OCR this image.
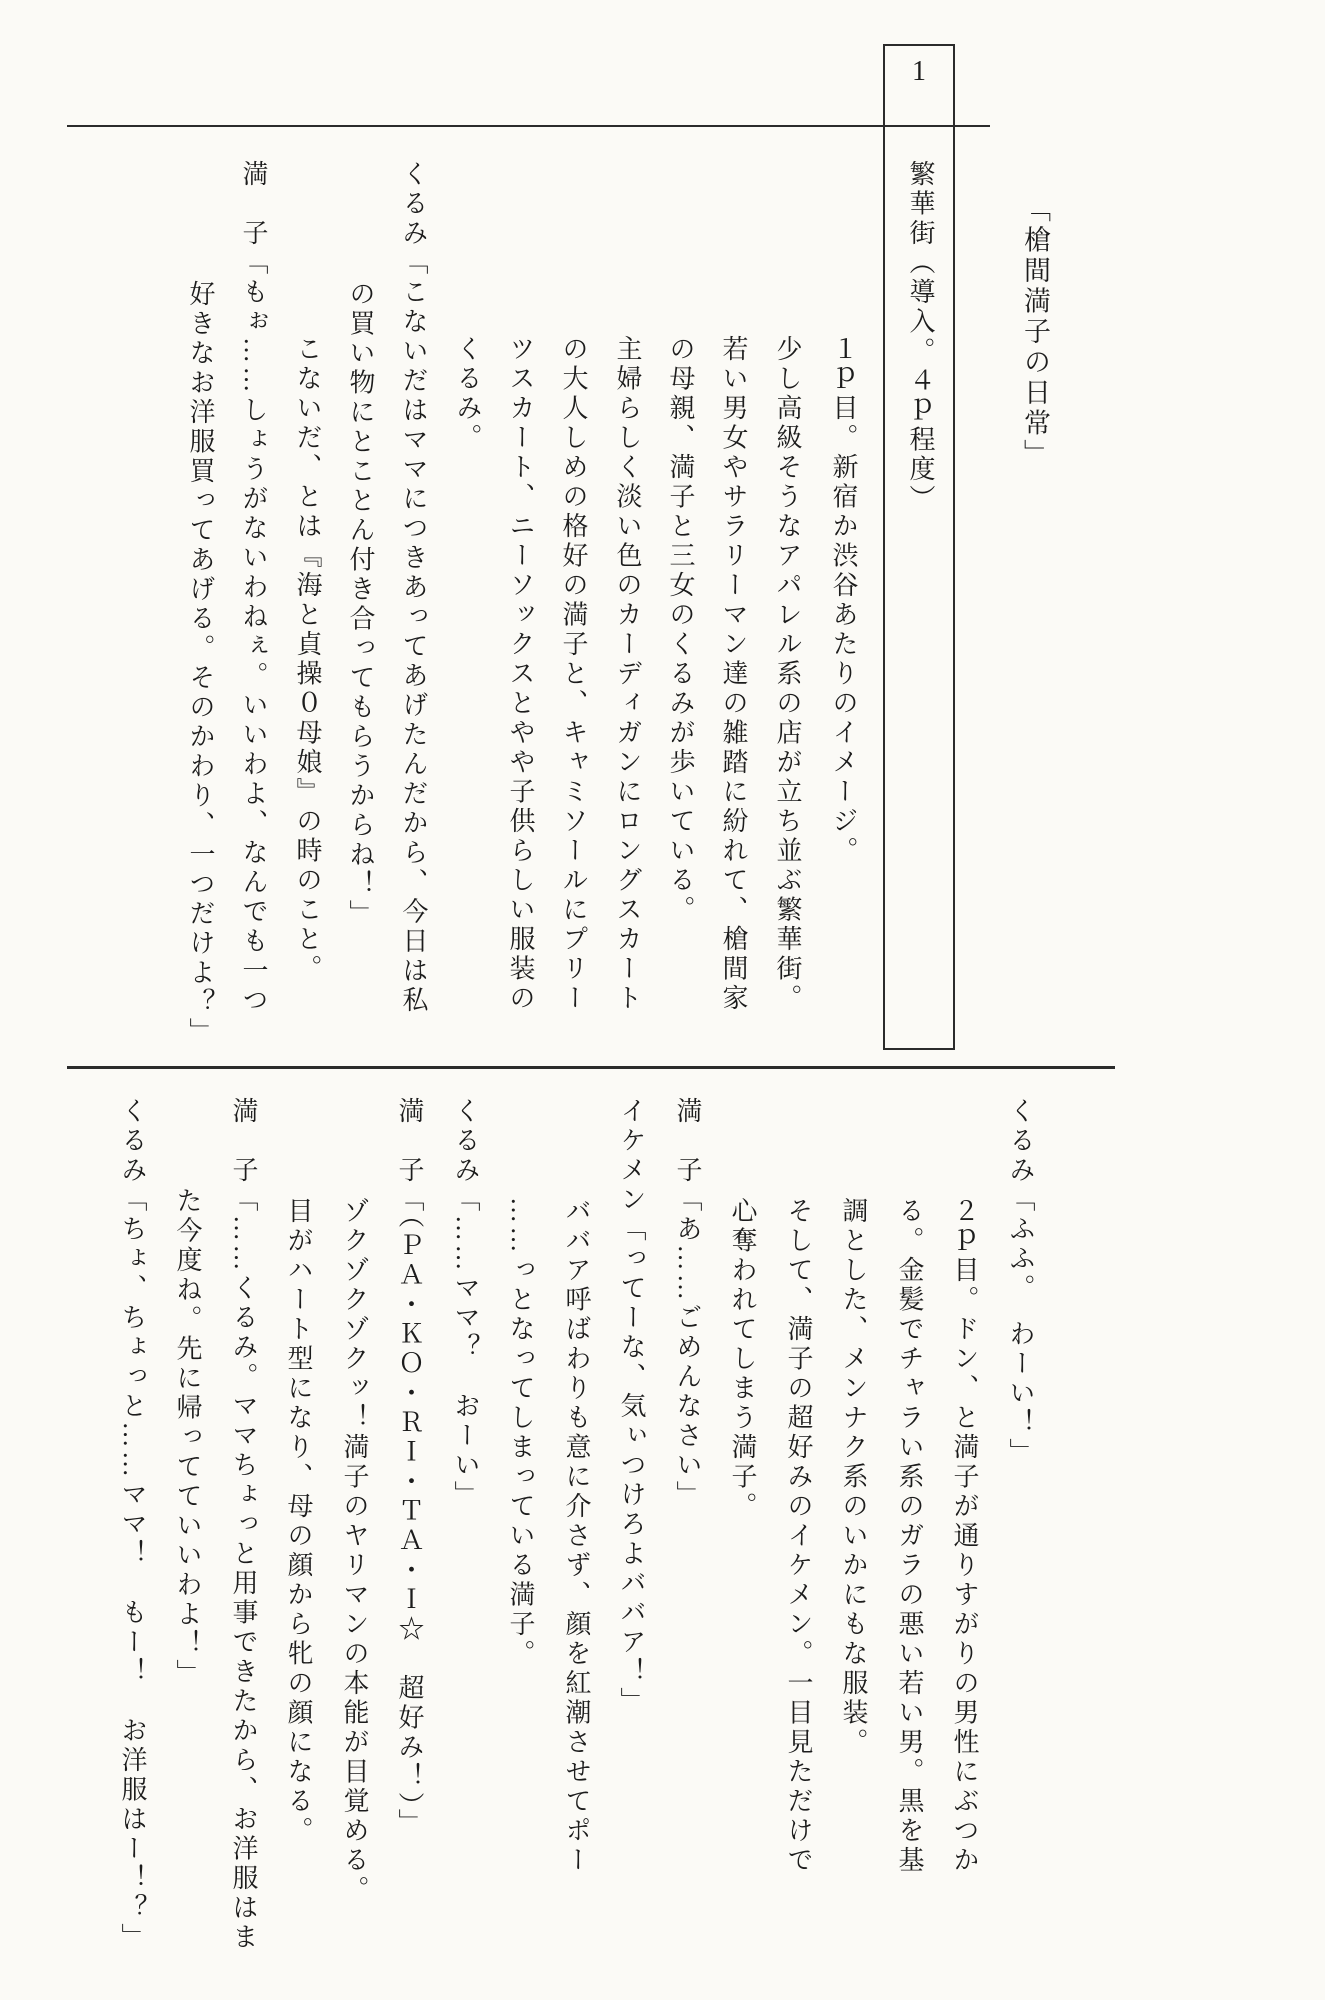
1
繁華街（導入。４ｐ程度）	「槍間満子の日常」
１ｐ目。新宿か渋谷あたりのイメージ。
少し高級そうなアパレル系の店が立ち並ぶ繁華街。
若い男女やサラリーマン達の雑踏に紛れて、槍間家
の母親、満子と三女のくるみが歩いている。
主婦らしく淡い色のカーディガンにロングスカート
の大人しめの格好の満子と、キャミソールにプリー
ツスカート、ニーソックスとやや子供らしい服装の
くるみ。
くるみ「こないだはママにつきあってあげたんだから、今日は私
の買い物にとことん付き合ってもらうからね！」
こないだ、とは『海と貞操０母娘』の時のこと。
満　子「もぉ……しょうがないわねぇ。いいわよ、なんでも一つ
好きなお洋服買ってあげる。そのかわり、一つだけよ？」
くるみ「ふふ。　わーい！」
２ｐ目。ドン、と満子が通りすがりの男性にぶつか
る。金髪でチャラい系のガラの悪い若い男。黒を基
調とした、メンナク系のいかにもな服装。
そして、満子の超好みのイケメン。一目見ただけで
心奪われてしまう満子。
満　子「あ……ごめんなさい」
イケメン「ってーな、気ぃつけろよババア！」
ババア呼ばわりも意に介さず、顔を紅潮させてポー
……っとなってしまっている満子。
くるみ「……ママ？　おーい」
満　子「（ＰＡ・ＫＯ・ＲＩ・ＴＡ・Ｉ☆　超好み！）」
ゾクゾクゾクッ！満子のヤリマンの本能が目覚める。
目がハート型になり、母の顔から牝の顔になる。
満　子「……くるみ。ママちょっと用事できたから、お洋服はま
た今度ね。先に帰ってていいわよ！」
くるみ「ちょ、ちょっと……ママ！　もー！　お洋服はー！？」
